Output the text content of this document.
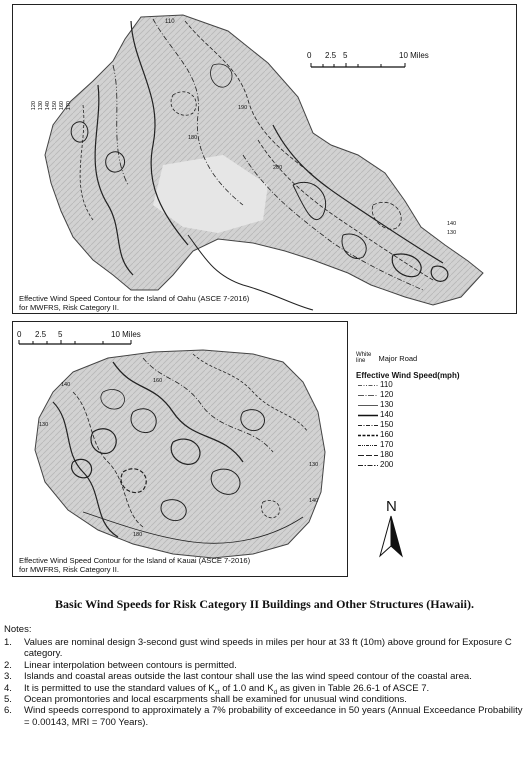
0 2.5 5	10 Miles
110
120 130 140 150 160 170
180
190
200
140
130
Effective Wind Speed Contour for the Island of Oahu (ASCE 7-2016)
for MWFRS, Risk Category II.
0 2.5 5	10 Miles
130
140
160
180
130
140
Effective Wind Speed Contour for the Island of Kauai (ASCE 7-2016)
for MWFRS, Risk Category II.
White line Major Road
Effective Wind Speed(mph)
110
120
130
140
150
160
170
180
200
N
Basic Wind Speeds for Risk Category II Buildings and Other Structures (Hawaii).
Notes:
1. Values are nominal design 3-second gust wind speeds in miles per hour at 33 ft (10m) above ground for Exposure C category.
2. Linear interpolation between contours is permitted.
3. Islands and coastal areas outside the last contour shall use the las wind speed contour of the coastal area.
4. It is permitted to use the standard values of $K_{zt}$ of 1.0 and $K_d$ as given in Table 26.6-1 of ASCE 7.
5. Ocean promontories and local escarpments shall be examined for unusual wind conditions.
6. Wind speeds correspond to approximately a 7% probability of exceedance in 50 years (Annual Exceedance Probability = 0.00143, MRI = 700 Years).
